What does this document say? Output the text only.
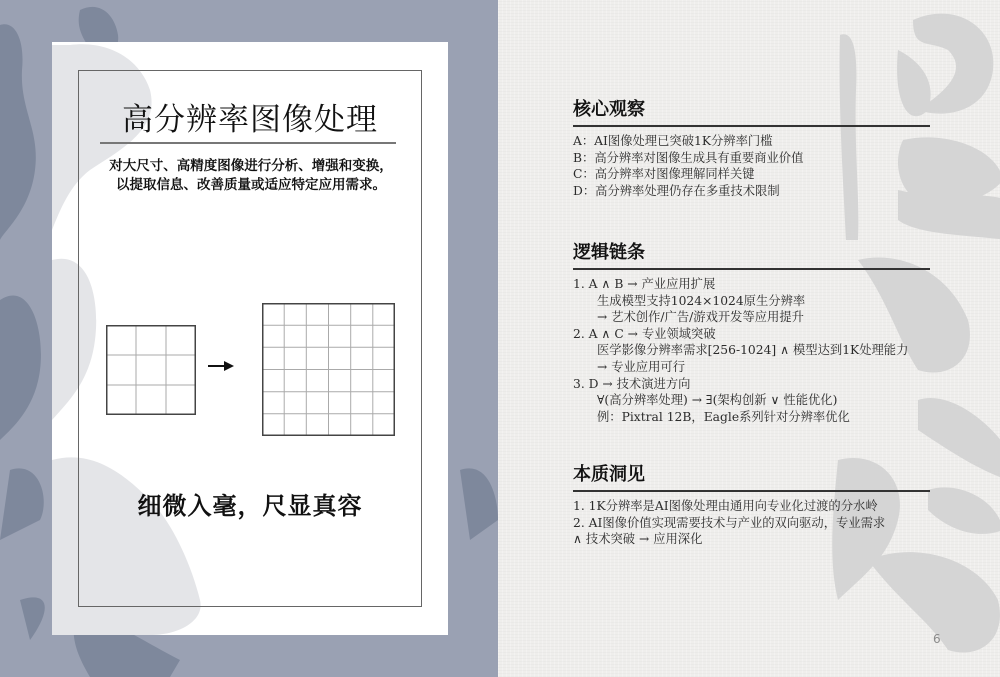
高分辨率图像处理

对大尺寸、高精度图像进行分析、增强和变换，以提取信息、改善质量或适应特定应用需求。

细微入毫，尺显真容
核心观察
A：AI图像处理已突破1K分辨率门槛
B：高分辨率对图像生成具有重要商业价值
C：高分辨率对图像理解同样关键
D：高分辨率处理仍存在多重技术限制
逻辑链条
1. A ∧ B → 产业应用扩展
生成模型支持1024×1024原生分辨率
→ 艺术创作/广告/游戏开发等应用提升
2. A ∧ C → 专业领域突破
医学影像分辨率需求[256-1024] ∧ 模型达到1K处理能力
→ 专业应用可行
3. D → 技术演进方向
∀(高分辨率处理) → ∃(架构创新 ∨ 性能优化)
例：Pixtral 12B，Eagle系列针对分辨率优化
本质洞见
1. 1K分辨率是AI图像处理由通用向专业化过渡的分水岭
2. AI图像价值实现需要技术与产业的双向驱动，专业需求
∧ 技术突破 → 应用深化
6
